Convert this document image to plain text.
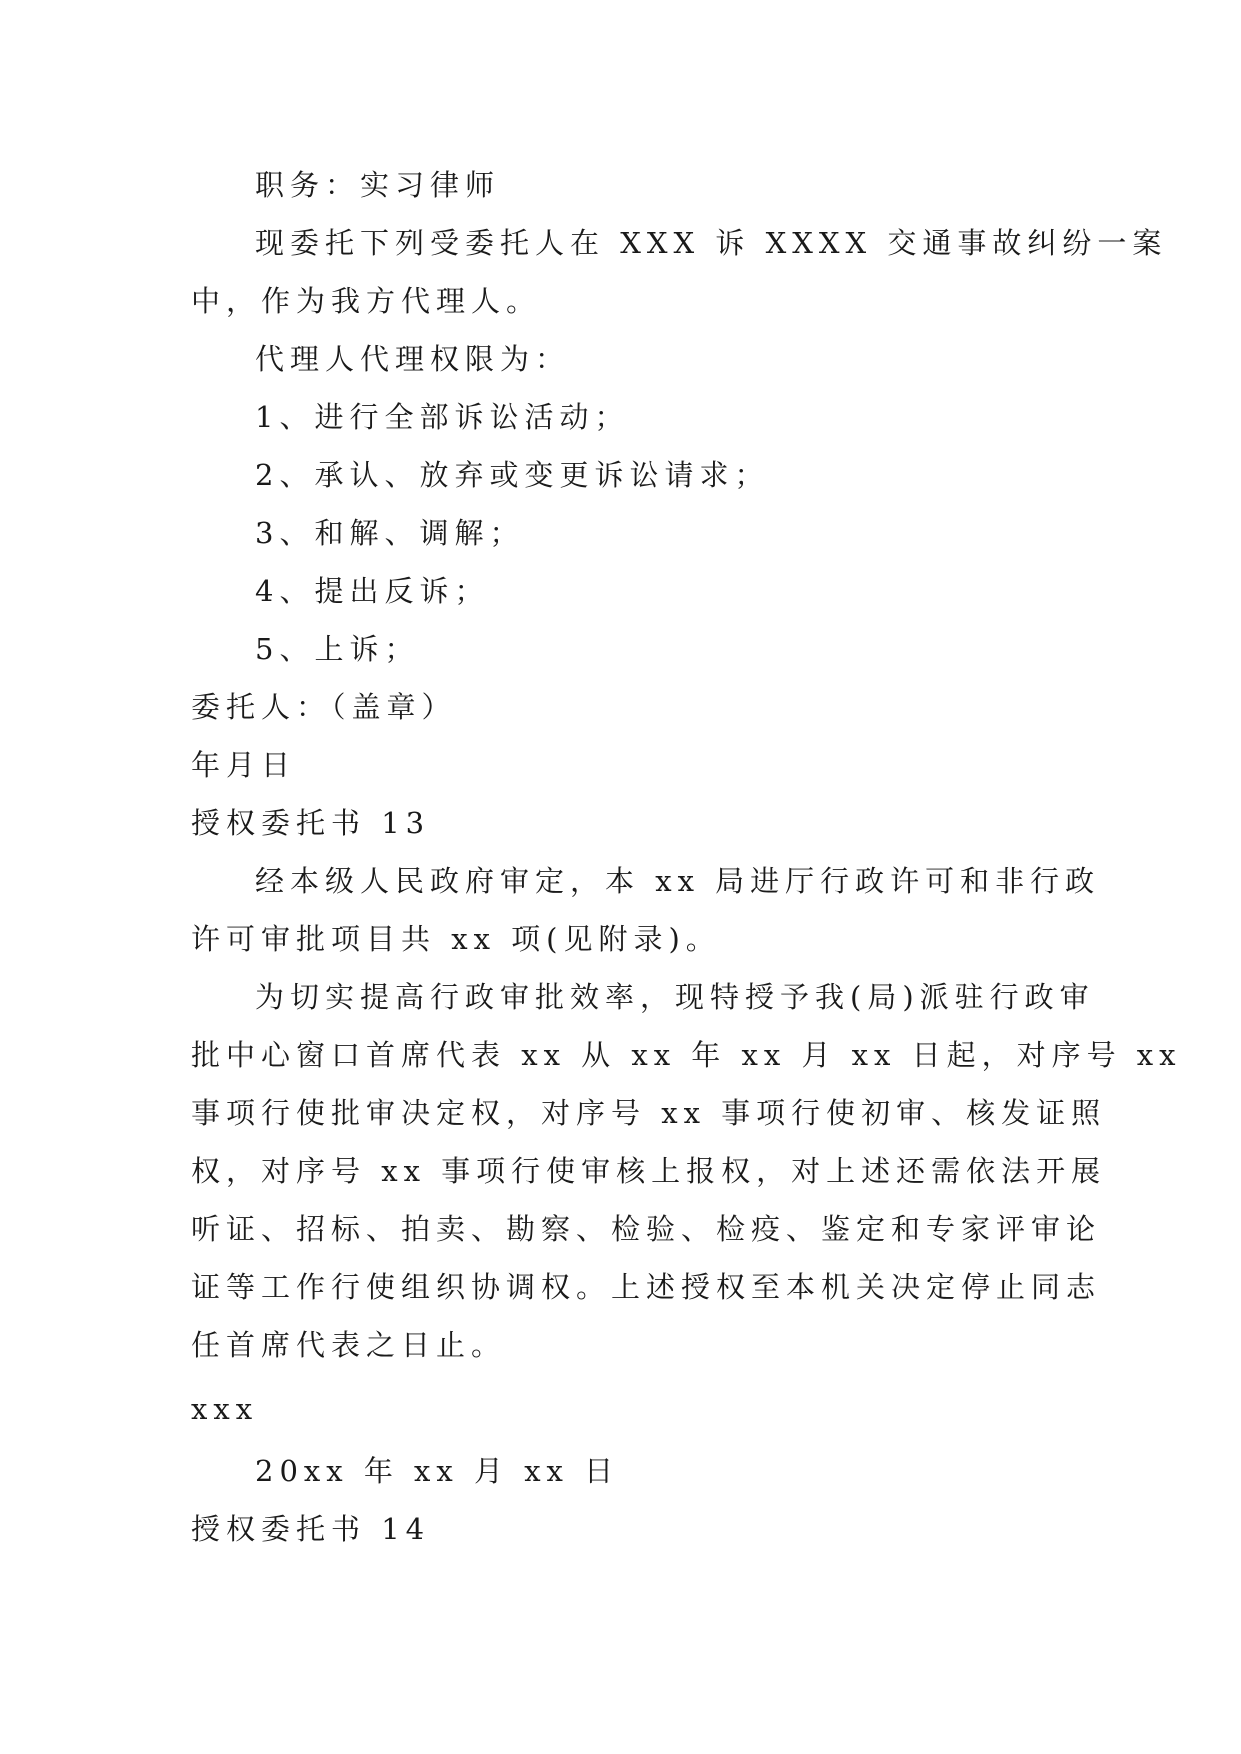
职务：实习律师
现委托下列受委托人在 XXX 诉 XXXX 交通事故纠纷一案
中，作为我方代理人。
代理人代理权限为：
1、进行全部诉讼活动；
2、承认、放弃或变更诉讼请求；
3、和解、调解；
4、提出反诉；
5、上诉；
委托人：（盖章）
年月日
授权委托书 13
经本级人民政府审定，本 xx 局进厅行政许可和非行政
许可审批项目共 xx 项(见附录)。
为切实提高行政审批效率，现特授予我(局)派驻行政审
批中心窗口首席代表 xx 从 xx 年 xx 月 xx 日起，对序号 xx
事项行使批审决定权，对序号 xx 事项行使初审、核发证照
权，对序号 xx 事项行使审核上报权，对上述还需依法开展
听证、招标、拍卖、勘察、检验、检疫、鉴定和专家评审论
证等工作行使组织协调权。上述授权至本机关决定停止同志
任首席代表之日止。
xxx
20xx 年 xx 月 xx 日
授权委托书 14
